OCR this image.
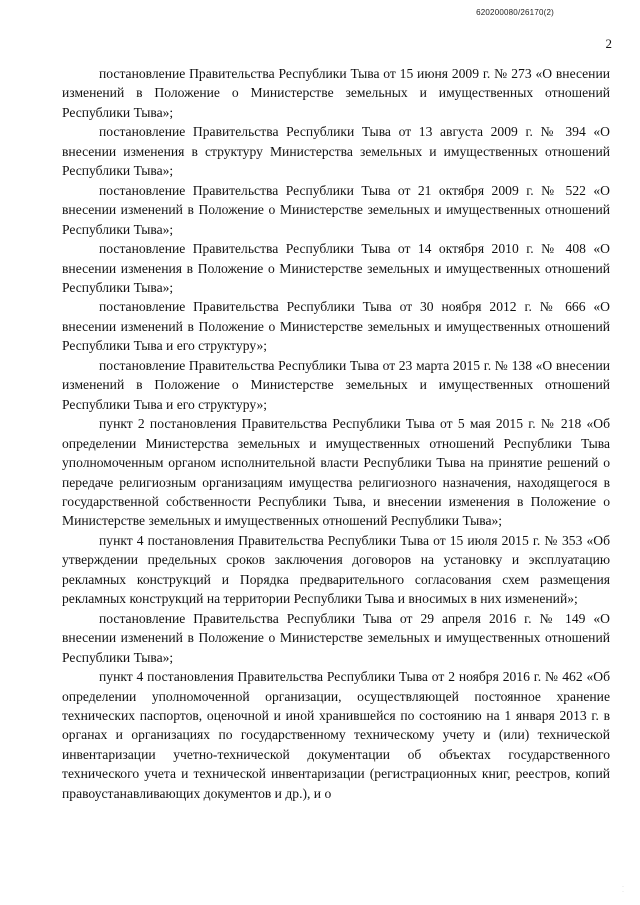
620200080/26170(2)
2

постановление Правительства Республики Тыва от 15 июня 2009 г. № 273 «О внесении изменений в Положение о Министерстве земельных и имущественных отношений Республики Тыва»;

постановление Правительства Республики Тыва от 13 августа 2009 г. № 394 «О внесении изменения в структуру Министерства земельных и имущественных отношений Республики Тыва»;

постановление Правительства Республики Тыва от 21 октября 2009 г. № 522 «О внесении изменений в Положение о Министерстве земельных и имущественных отношений Республики Тыва»;

постановление Правительства Республики Тыва от 14 октября 2010 г. № 408 «О внесении изменения в Положение о Министерстве земельных и имущественных отношений Республики Тыва»;

постановление Правительства Республики Тыва от 30 ноября 2012 г. № 666 «О внесении изменений в Положение о Министерстве земельных и имущественных отношений Республики Тыва и его структуру»;

постановление Правительства Республики Тыва от 23 марта 2015 г. № 138 «О внесении изменений в Положение о Министерстве земельных и имущественных отношений Республики Тыва и его структуру»;

пункт 2 постановления Правительства Республики Тыва от 5 мая 2015 г. № 218 «Об определении Министерства земельных и имущественных отношений Республики Тыва уполномоченным органом исполнительной власти Республики Тыва на принятие решений о передаче религиозным организациям имущества религиозного назначения, находящегося в государственной собственности Республики Тыва, и внесении изменения в Положение о Министерстве земельных и имущественных отношений Республики Тыва»;

пункт 4 постановления Правительства Республики Тыва от 15 июля 2015 г. № 353 «Об утверждении предельных сроков заключения договоров на установку и эксплуатацию рекламных конструкций и Порядка предварительного согласования схем размещения рекламных конструкций на территории Республики Тыва и вносимых в них изменений»;

постановление Правительства Республики Тыва от 29 апреля 2016 г. № 149 «О внесении изменений в Положение о Министерстве земельных и имущественных отношений Республики Тыва»;

пункт 4 постановления Правительства Республики Тыва от 2 ноября 2016 г. № 462 «Об определении уполномоченной организации, осуществляющей постоянное хранение технических паспортов, оценочной и иной хранившейся по состоянию на 1 января 2013 г. в органах и организациях по государственному техническому учету и (или) технической инвентаризации учетно-технической документации об объектах государственного технического учета и технической инвентаризации (регистрационных книг, реестров, копий правоустанавливающих документов и др.), и о

·
·
